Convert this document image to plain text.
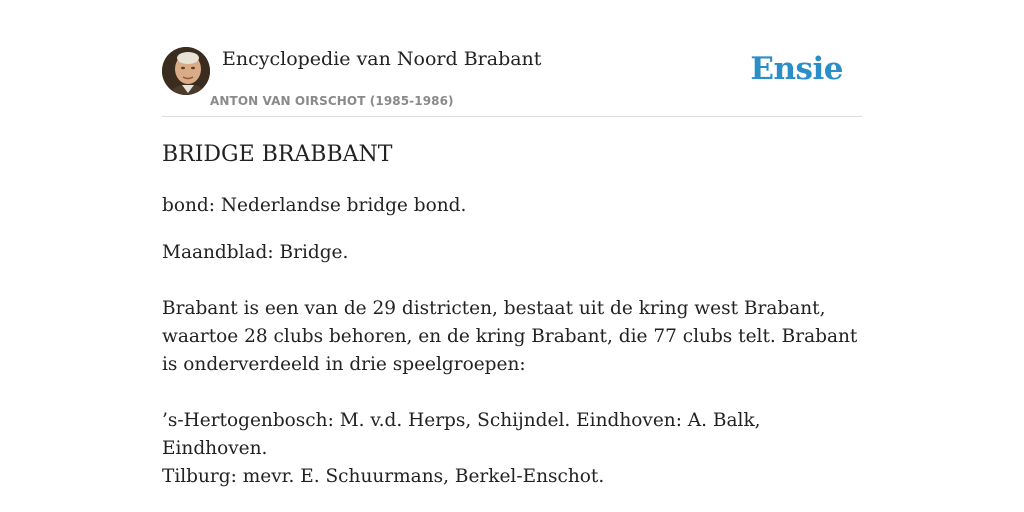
Encyclopedie van Noord Brabant
ANTON VAN OIRSCHOT (1985-1986)
Ensie
BRIDGE BRABBANT

bond: Nederlandse bridge bond.

Maandblad: Bridge.

Brabant is een van de 29 districten, bestaat uit de kring west Brabant, waartoe 28 clubs behoren, en de kring Brabant, die 77 clubs telt. Brabant is onderverdeeld in drie speelgroepen:

’s-Hertogenbosch: M. v.d. Herps, Schijndel. Eindhoven: A. Balk, Eindhoven.

Tilburg: mevr. E. Schuurmans, Berkel-Enschot.
